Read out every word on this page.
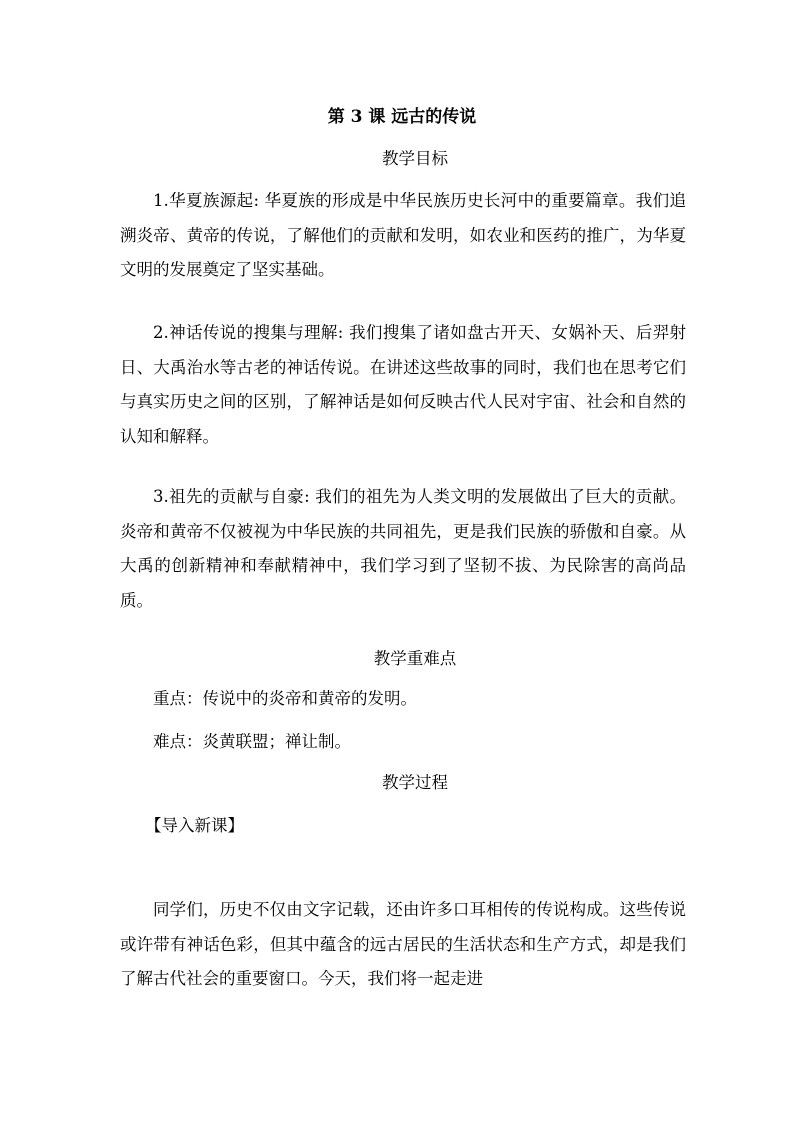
第 3 课 远古的传说
教学目标

1.华夏族源起: 华夏族的形成是中华民族历史长河中的重要篇章。我们追溯炎帝、黄帝的传说，了解他们的贡献和发明，如农业和医药的推广，为华夏文明的发展奠定了坚实基础。

2.神话传说的搜集与理解: 我们搜集了诸如盘古开天、女娲补天、后羿射日、大禹治水等古老的神话传说。在讲述这些故事的同时，我们也在思考它们与真实历史之间的区别，了解神话是如何反映古代人民对宇宙、社会和自然的认知和解释。

3.祖先的贡献与自豪: 我们的祖先为人类文明的发展做出了巨大的贡献。炎帝和黄帝不仅被视为中华民族的共同祖先，更是我们民族的骄傲和自豪。从大禹的创新精神和奉献精神中，我们学习到了坚韧不拔、为民除害的高尚品质。

教学重难点
重点：传说中的炎帝和黄帝的发明。
难点：炎黄联盟；禅让制。
教学过程
【导入新课】

同学们，历史不仅由文字记载，还由许多口耳相传的传说构成。这些传说或许带有神话色彩，但其中蕴含的远古居民的生活状态和生产方式，却是我们了解古代社会的重要窗口。今天，我们将一起走进
